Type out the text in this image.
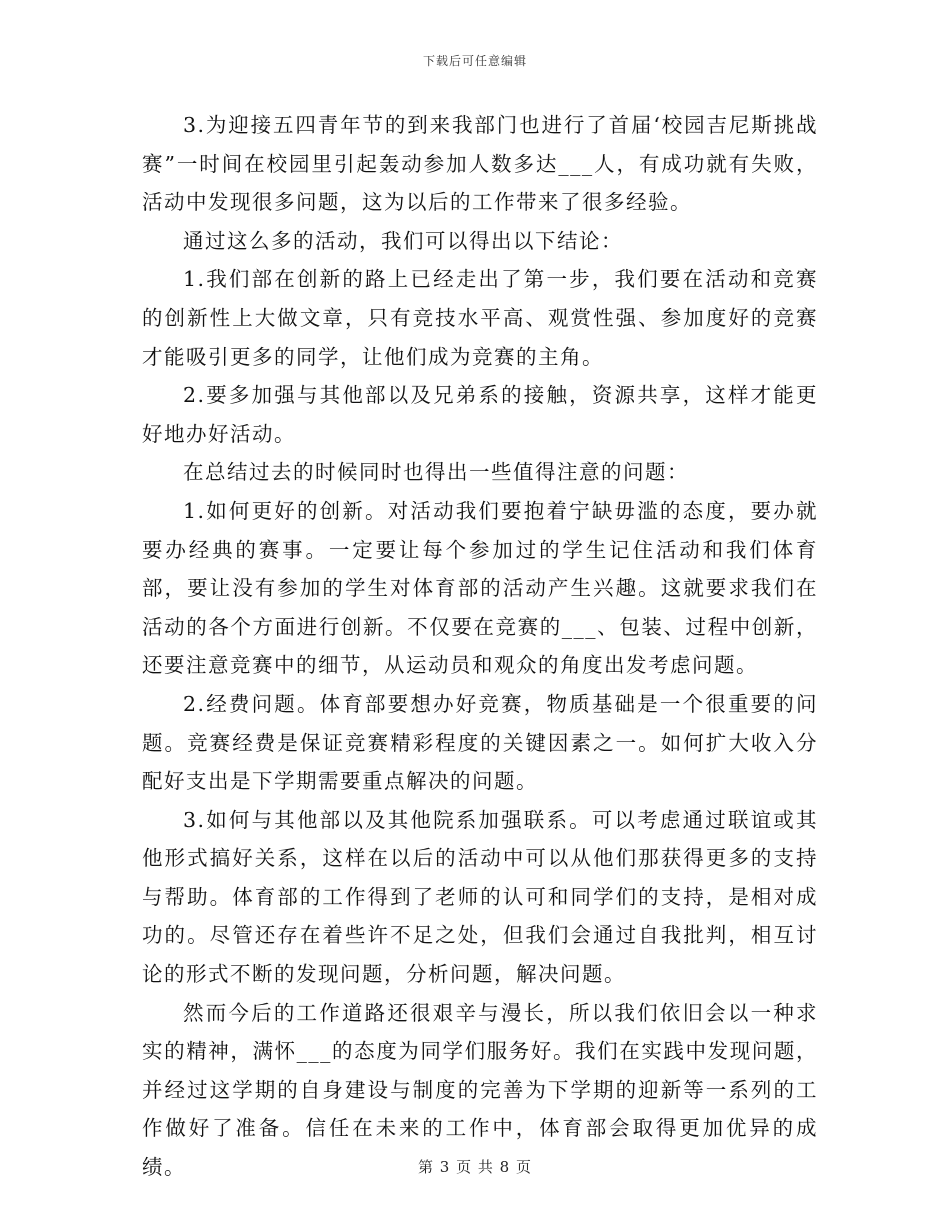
下载后可任意编辑

3.为迎接五四青年节的到来我部门也进行了首届‘校园吉尼斯挑战赛”一时间在校园里引起轰动参加人数多达___人，有成功就有失败，活动中发现很多问题，这为以后的工作带来了很多经验。

通过这么多的活动，我们可以得出以下结论：

1.我们部在创新的路上已经走出了第一步，我们要在活动和竞赛的创新性上大做文章，只有竞技水平高、观赏性强、参加度好的竞赛才能吸引更多的同学，让他们成为竞赛的主角。

2.要多加强与其他部以及兄弟系的接触，资源共享，这样才能更好地办好活动。

在总结过去的时候同时也得出一些值得注意的问题：

1.如何更好的创新。对活动我们要抱着宁缺毋滥的态度，要办就要办经典的赛事。一定要让每个参加过的学生记住活动和我们体育部，要让没有参加的学生对体育部的活动产生兴趣。这就要求我们在活动的各个方面进行创新。不仅要在竞赛的___、包装、过程中创新，还要注意竞赛中的细节，从运动员和观众的角度出发考虑问题。

2.经费问题。体育部要想办好竞赛，物质基础是一个很重要的问题。竞赛经费是保证竞赛精彩程度的关键因素之一。如何扩大收入分配好支出是下学期需要重点解决的问题。

3.如何与其他部以及其他院系加强联系。可以考虑通过联谊或其他形式搞好关系，这样在以后的活动中可以从他们那获得更多的支持与帮助。体育部的工作得到了老师的认可和同学们的支持，是相对成功的。尽管还存在着些许不足之处，但我们会通过自我批判，相互讨论的形式不断的发现问题，分析问题，解决问题。

然而今后的工作道路还很艰辛与漫长，所以我们依旧会以一种求实的精神，满怀___的态度为同学们服务好。我们在实践中发现问题，并经过这学期的自身建设与制度的完善为下学期的迎新等一系列的工作做好了准备。信任在未来的工作中，体育部会取得更加优异的成绩。	第 3 页 共 8 页
